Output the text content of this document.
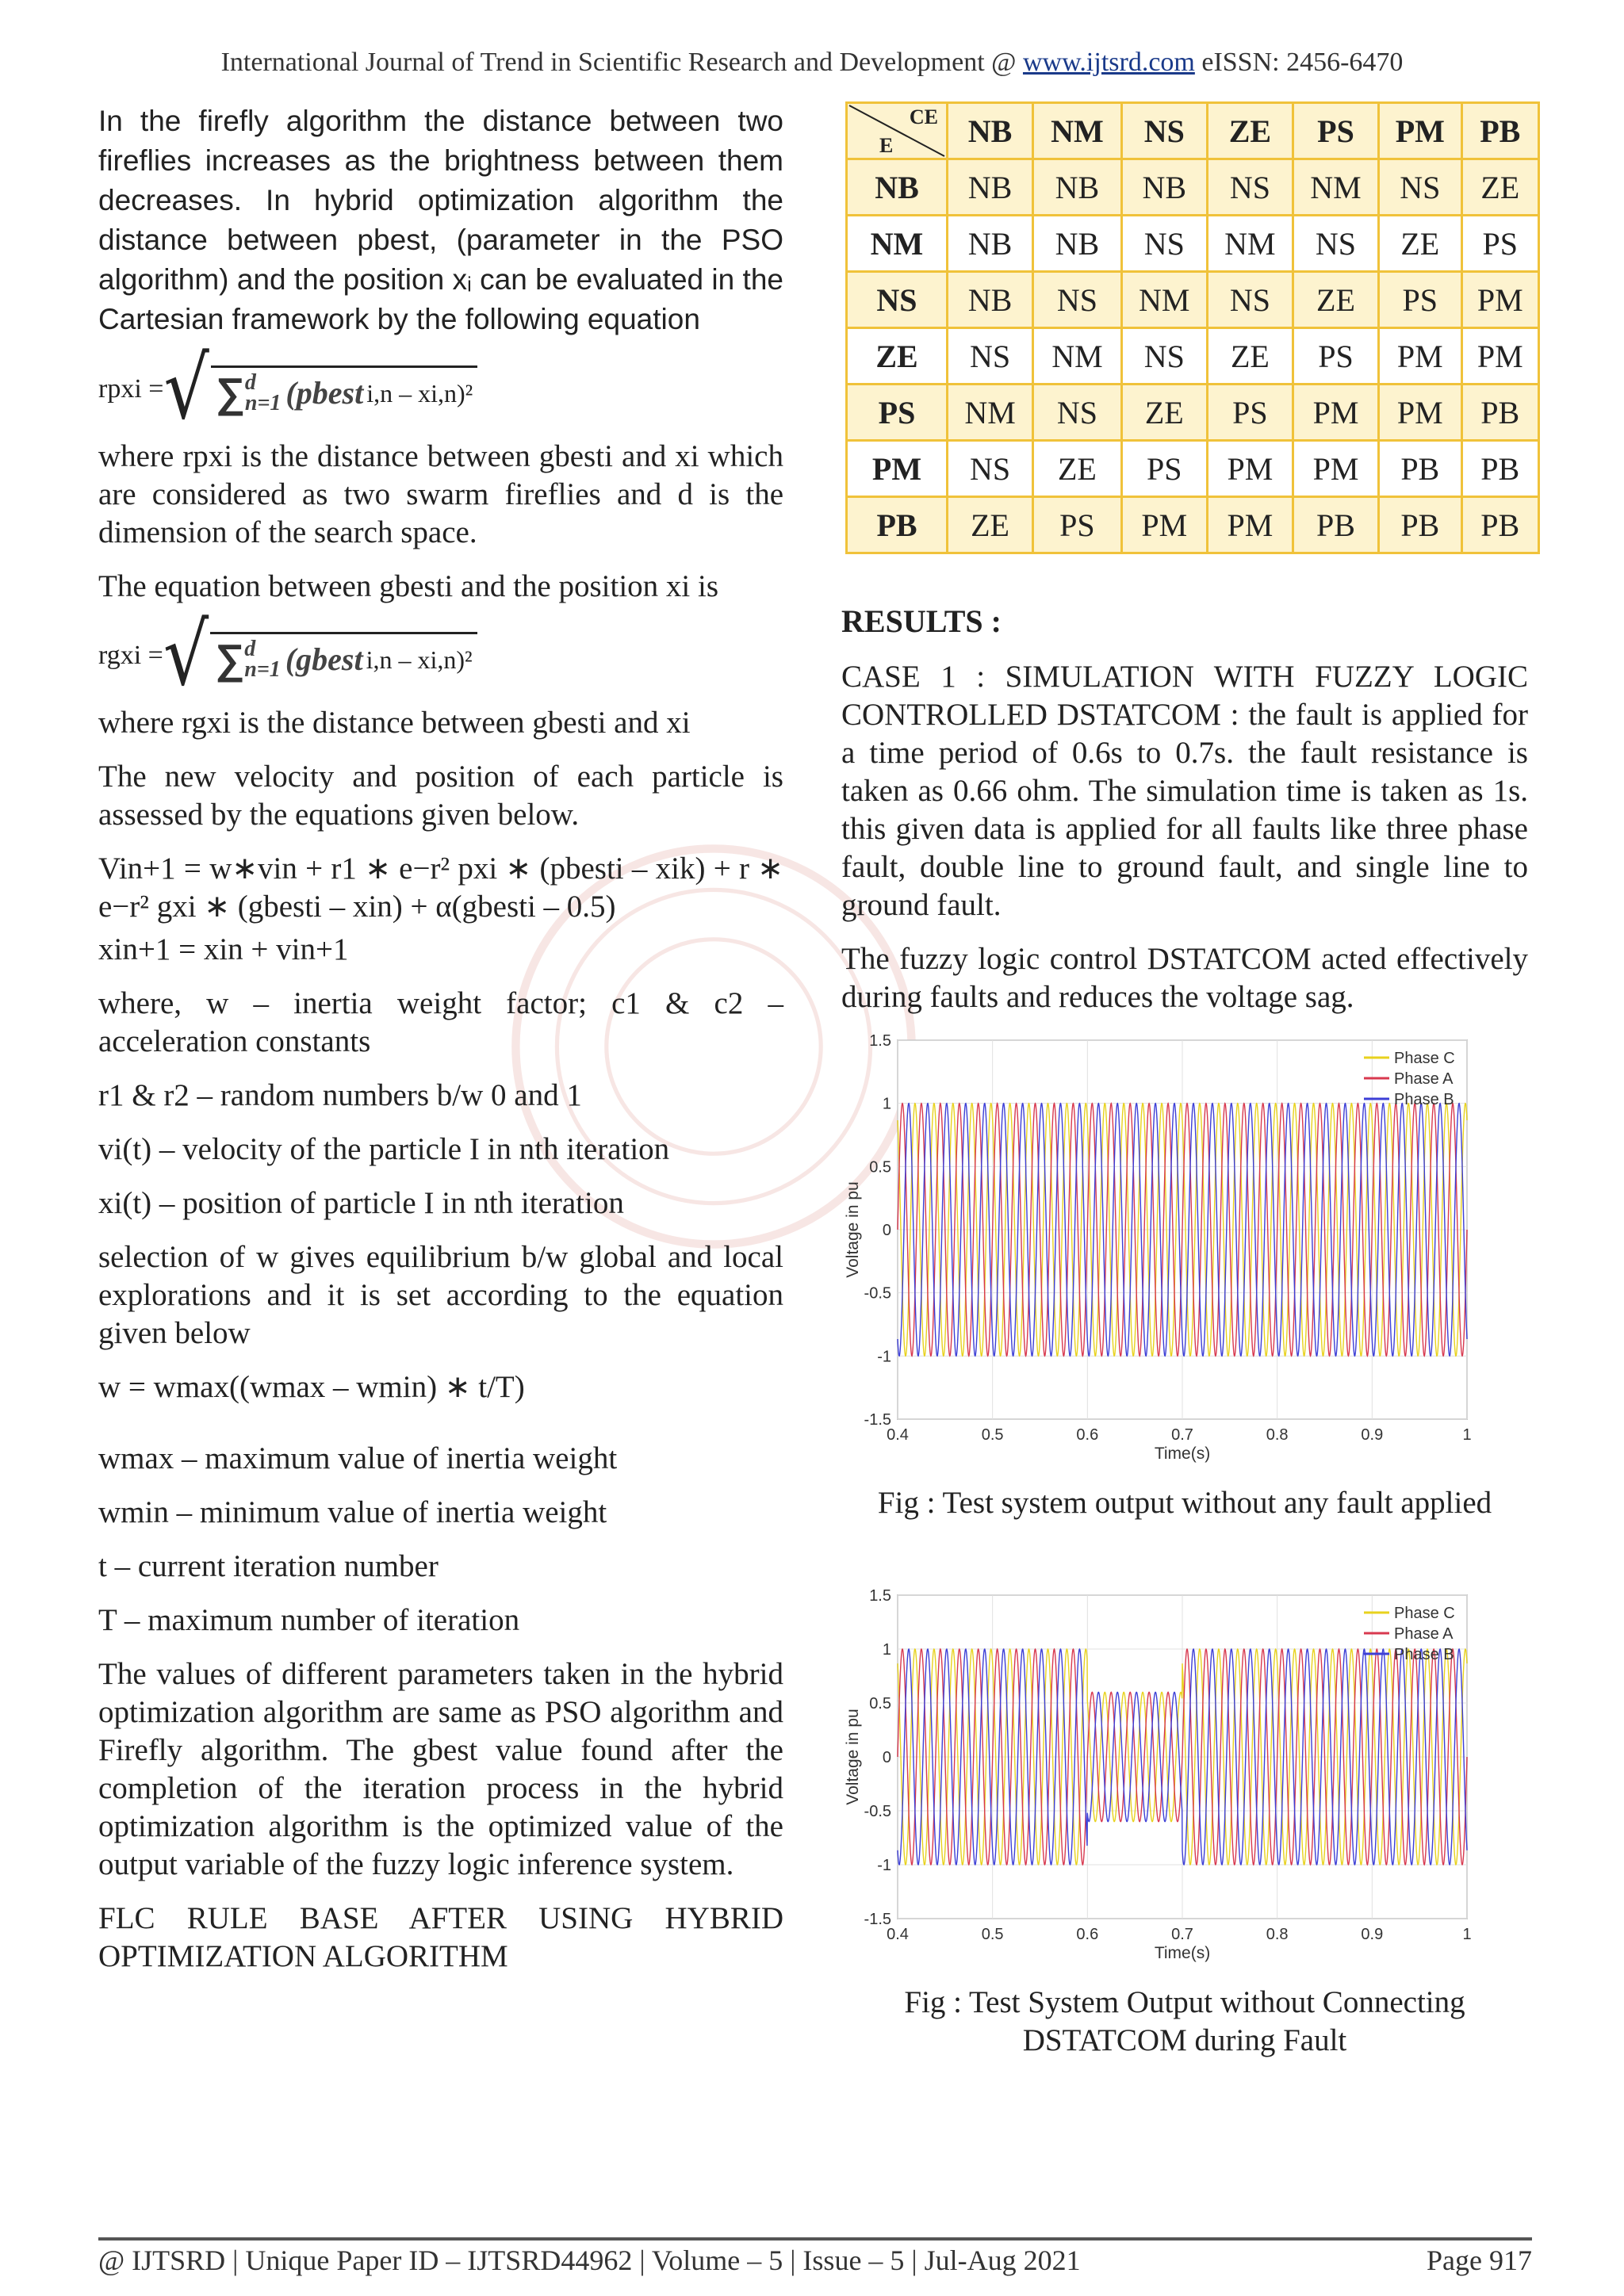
International Journal of Trend in Scientific Research and Development @ www.ijtsrd.com eISSN: 2456-6470

In the firefly algorithm the distance between two fireflies increases as the brightness between them decreases. In hybrid optimization algorithm the distance between pbest, (parameter in the PSO algorithm) and the position xᵢ can be evaluated in the Cartesian framework by the following equation

rpxi = √ ∑ d
n=1 (pbest i,n – xi,n)²

where rpxi is the distance between gbesti and xi which are considered as two swarm fireflies and d is the dimension of the search space.

The equation between gbesti and the position xi is

rgxi = √ ∑ d
n=1 (gbest i,n – xi,n)²

where rgxi is the distance between gbesti and xi

The new velocity and position of each particle is assessed by the equations given below.

Vin+1 = w∗vin + r1 ∗ e−r² pxi ∗ (pbesti – xik) + r ∗ e−r² gxi ∗ (gbesti – xin) + α(gbesti – 0.5)

xin+1 = xin + vin+1

where, w – inertia weight factor; c1 & c2 – acceleration constants

r1 & r2 – random numbers b/w 0 and 1

vi(t) – velocity of the particle I in nth iteration

xi(t) – position of particle I in nth iteration

selection of w gives equilibrium b/w global and local explorations and it is set according to the equation given below

w = wmax((wmax – wmin) ∗ t/T)

wmax – maximum value of inertia weight

wmin – minimum value of inertia weight

t – current iteration number

T – maximum number of iteration

The values of different parameters taken in the hybrid optimization algorithm are same as PSO algorithm and Firefly algorithm. The gbest value found after the completion of the iteration process in the hybrid optimization algorithm is the optimized value of the output variable of the fuzzy logic inference system.

FLC RULE BASE AFTER USING HYBRID OPTIMIZATION ALGORITHM

CE
E	NB	NM	NS	ZE	PS	PM	PB
NB	NB	NB	NB	NS	NM	NS	ZE
NM	NB	NB	NS	NM	NS	ZE	PS
NS	NB	NS	NM	NS	ZE	PS	PM
ZE	NS	NM	NS	ZE	PS	PM	PM
PS	NM	NS	ZE	PS	PM	PM	PB
PM	NS	ZE	PS	PM	PM	PB	PB
PB	ZE	PS	PM	PM	PB	PB	PB
RESULTS :

CASE 1 : SIMULATION WITH FUZZY LOGIC CONTROLLED DSTATCOM : the fault is applied for a time period of 0.6s to 0.7s. the fault resistance is taken as 0.66 ohm. The simulation time is taken as 1s. this given data is applied for all faults like three phase fault, double line to ground fault, and single line to ground fault.

The fuzzy logic control DSTATCOM acted effectively during faults and reduces the voltage sag.

0.4	0.5	0.6	0.7	0.8	0.9	1
1.5
1
0.5
0
-0.5
-1
-1.5
Time(s)
Voltage in pu
Phase C
Phase A
Phase B
Fig : Test system output without any fault applied
0.4	0.5	0.6	0.7	0.8	0.9	1
1.5
1
0.5
0
-0.5
-1
-1.5
Time(s)
Voltage in pu
Phase C
Phase A
Phase B
Fig : Test System Output without Connecting DSTATCOM during Fault
@ IJTSRD | Unique Paper ID – IJTSRD44962 | Volume – 5 | Issue – 5 | Jul-Aug 2021	Page 917
